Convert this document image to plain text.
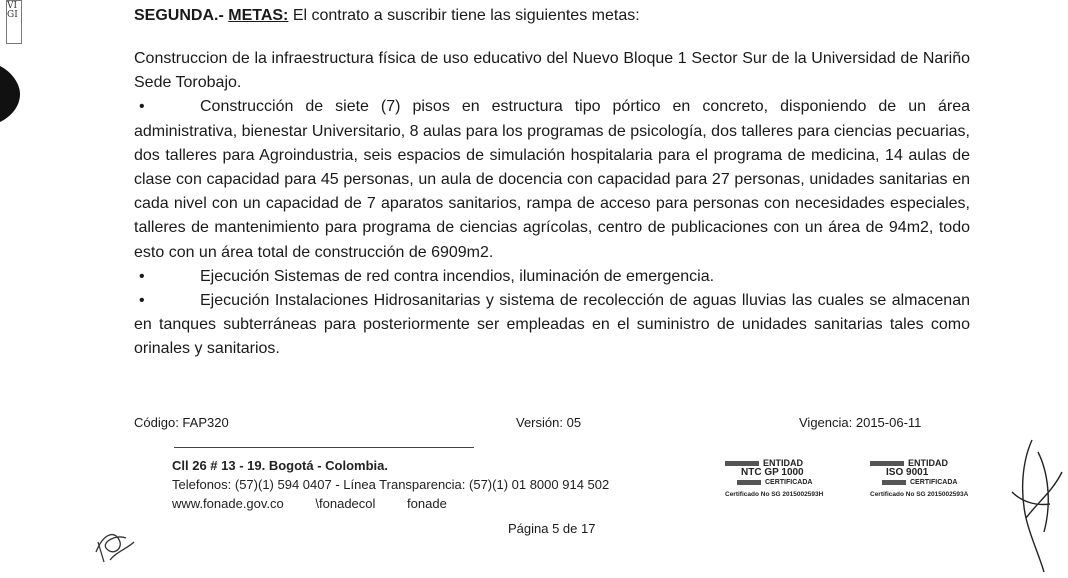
VIGI	SEGUNDA.- METAS: El contrato a suscribir tiene las siguientes metas:

Construccion de la infraestructura física de uso educativo del Nuevo Bloque 1 Sector Sur de la Universidad de Nariño Sede Torobajo.

•	Construcción de siete (7) pisos en estructura tipo pórtico en concreto, disponiendo de un área administrativa, bienestar Universitario, 8 aulas para los programas de psicología, dos talleres para ciencias pecuarias, dos talleres para Agroindustria, seis espacios de simulación hospitalaria para el programa de medicina, 14 aulas de clase con capacidad para 45 personas, un aula de docencia con capacidad para 27 personas, unidades sanitarias en cada nivel con un capacidad de 7 aparatos sanitarios, rampa de acceso para personas con necesidades especiales, talleres de mantenimiento para programa de ciencias agrícolas, centro de publicaciones con un área de 94m2, todo esto con un área total de construcción de 6909m2.

•	Ejecución Sistemas de red contra incendios, iluminación de emergencia.

•	Ejecución Instalaciones Hidrosanitarias y sistema de recolección de aguas lluvias las cuales se almacenan en tanques subterráneas para posteriormente ser empleadas en el suministro de unidades sanitarias tales como orinales y sanitarios.

Código: FAP320	Versión: 05	Vigencia: 2015-06-11
Cll 26 # 13 - 19. Bogotá - Colombia.
Telefonos: (57)(1) 594 0407 - Línea Transparencia: (57)(1) 01 8000 914 502
www.fonade.gov.co \fonadecol fonade
Página 5 de 17
ENTIDAD
NTC GP 1000
CERTIFICADA
Certificado No SG 2015002593H
ENTIDAD
ISO 9001
CERTIFICADA
Certificado No SG 2015002593A
